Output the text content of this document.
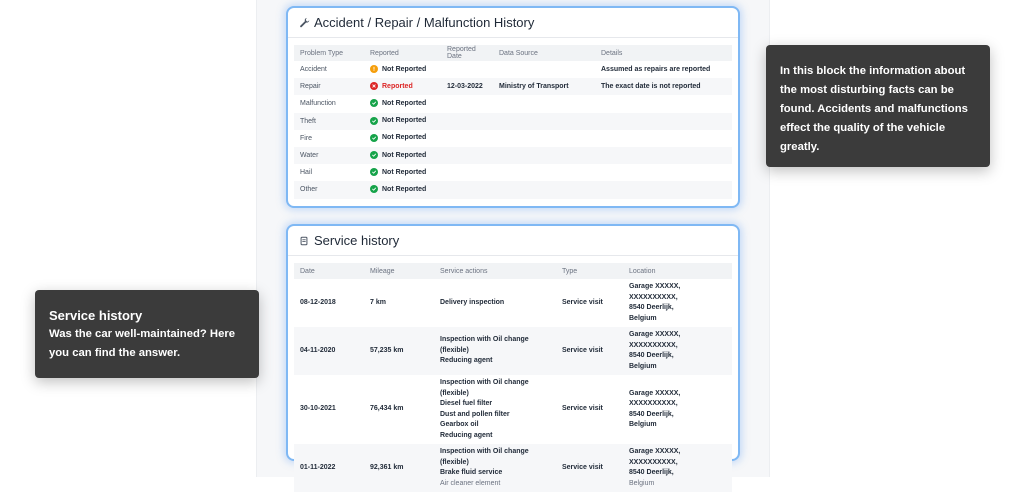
Accident / Repair / Malfunction History
Problem Type	Reported	Reported Date	Data Source	Details
Accident	Not Reported			Assumed as repairs are reported
Repair	Reported	12-03-2022	Ministry of Transport	The exact date is not reported
Malfunction	Not Reported			

Theft	Not Reported			

Fire	Not Reported			

Water	Not Reported			

Hail	Not Reported			

Other	Not Reported			

Service history
Date	Mileage	Service actions	Type	Location
08-12-2018	7 km	Delivery inspection	Service visit	Garage XXXXX, XXXXXXXXXX,
8540 Deerlijk,
Belgium

04-11-2020	57,235 km	Inspection with Oil change (flexible)
Reducing agent	Service visit	Garage XXXXX, XXXXXXXXXX,
8540 Deerlijk,
Belgium

30-10-2021	76,434 km	Inspection with Oil change (flexible)
Diesel fuel filter
Dust and pollen filter
Gearbox oil
Reducing agent	Service visit	Garage XXXXX, XXXXXXXXXX,
8540 Deerlijk,
Belgium

01-11-2022	92,361 km	Inspection with Oil change (flexible)
Brake fluid service
Air cleaner element	Service visit	Garage XXXXX, XXXXXXXXXX,
8540 Deerlijk,
Belgium
In this block the information about the most disturbing facts can be found. Accidents and malfunctions effect the quality of the vehicle greatly.
Service history
Was the car well-maintained? Here you can find the answer.
